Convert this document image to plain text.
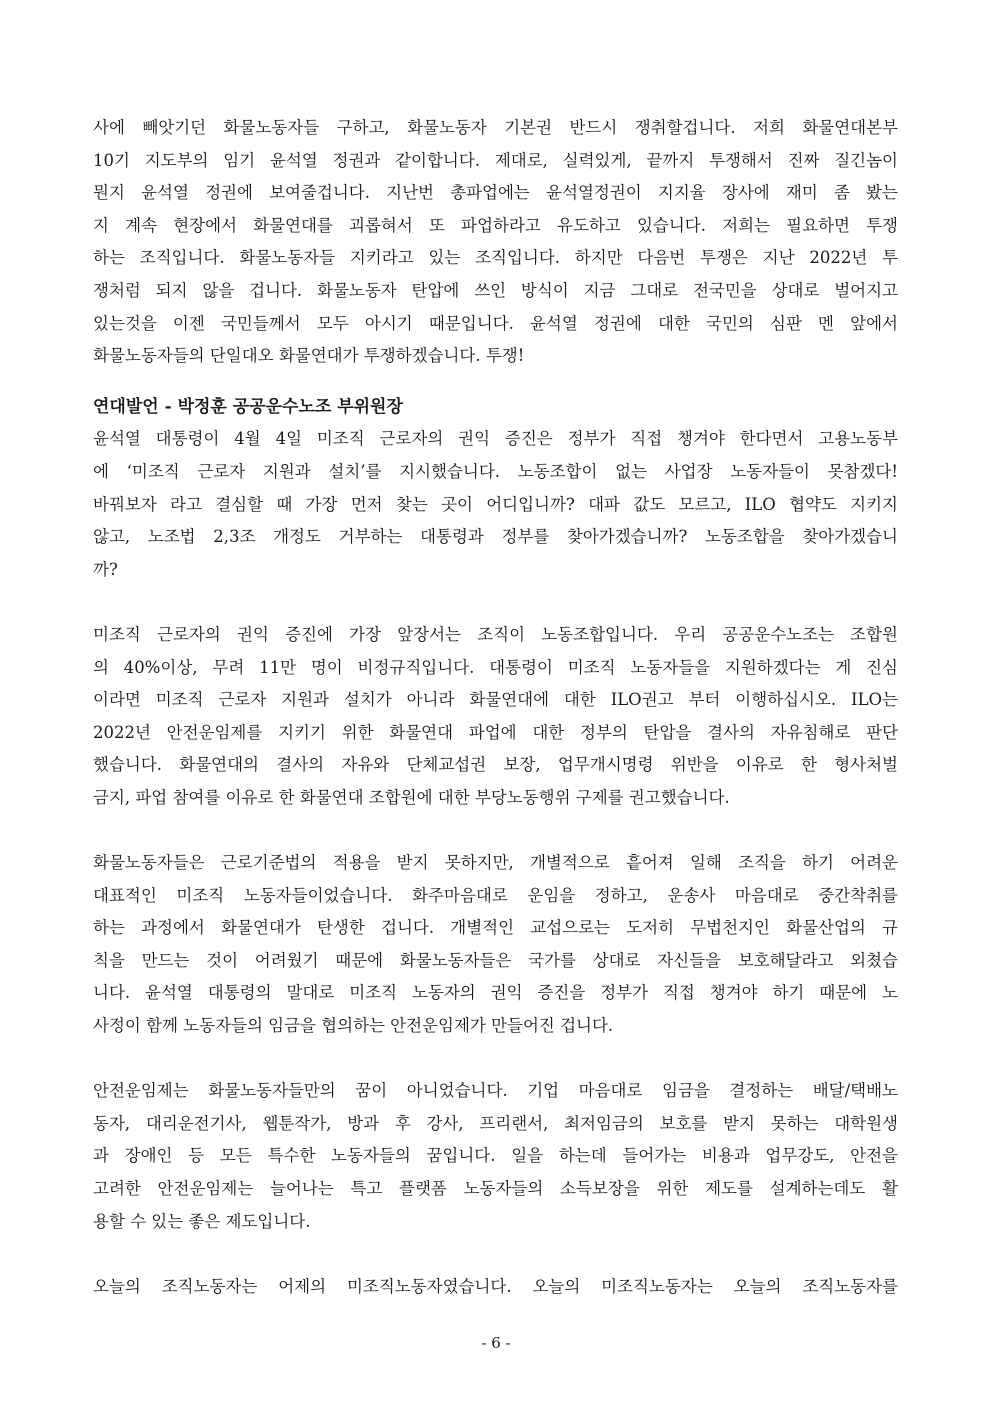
사에 빼앗기던 화물노동자들 구하고, 화물노동자 기본권 반드시 쟁취할겁니다. 저희 화물연대본부
10기 지도부의 임기 윤석열 정권과 같이합니다. 제대로, 실력있게, 끝까지 투쟁해서 진짜 질긴놈이
뭔지 윤석열 정권에 보여줄겁니다. 지난번 총파업에는 윤석열정권이 지지율 장사에 재미 좀 봤는
지 계속 현장에서 화물연대를 괴롭혀서 또 파업하라고 유도하고 있습니다. 저희는 필요하면 투쟁
하는 조직입니다. 화물노동자들 지키라고 있는 조직입니다. 하지만 다음번 투쟁은 지난 2022년 투
쟁처럼 되지 않을 겁니다. 화물노동자 탄압에 쓰인 방식이 지금 그대로 전국민을 상대로 벌어지고
있는것을 이젠 국민들께서 모두 아시기 때문입니다. 윤석열 정권에 대한 국민의 심판 멘 앞에서
화물노동자들의 단일대오 화물연대가 투쟁하겠습니다. 투쟁!
연대발언 - 박정훈 공공운수노조 부위원장
윤석열 대통령이 4월 4일 미조직 근로자의 권익 증진은 정부가 직접 챙겨야 한다면서 고용노동부
에 ‘미조직 근로자 지원과 설치’를 지시했습니다. 노동조합이 없는 사업장 노동자들이 못참겠다!
바꿔보자 라고 결심할 때 가장 먼저 찾는 곳이 어디입니까? 대파 값도 모르고, ILO 협약도 지키지
않고, 노조법 2,3조 개정도 거부하는 대통령과 정부를 찾아가겠습니까? 노동조합을 찾아가겠습니
까?
미조직 근로자의 권익 증진에 가장 앞장서는 조직이 노동조합입니다. 우리 공공운수노조는 조합원
의 40%이상, 무려 11만 명이 비정규직입니다. 대통령이 미조직 노동자들을 지원하겠다는 게 진심
이라면 미조직 근로자 지원과 설치가 아니라 화물연대에 대한 ILO권고 부터 이행하십시오. ILO는
2022년 안전운임제를 지키기 위한 화물연대 파업에 대한 정부의 탄압을 결사의 자유침해로 판단
했습니다. 화물연대의 결사의 자유와 단체교섭권 보장, 업무개시명령 위반을 이유로 한 형사처벌
금지, 파업 참여를 이유로 한 화물연대 조합원에 대한 부당노동행위 구제를 권고했습니다.
화물노동자들은 근로기준법의 적용을 받지 못하지만, 개별적으로 흩어져 일해 조직을 하기 어려운
대표적인 미조직 노동자들이었습니다. 화주마음대로 운임을 정하고, 운송사 마음대로 중간착취를
하는 과정에서 화물연대가 탄생한 겁니다. 개별적인 교섭으로는 도저히 무법천지인 화물산업의 규
칙을 만드는 것이 어려웠기 때문에 화물노동자들은 국가를 상대로 자신들을 보호해달라고 외쳤습
니다. 윤석열 대통령의 말대로 미조직 노동자의 권익 증진을 정부가 직접 챙겨야 하기 때문에 노
사정이 함께 노동자들의 임금을 협의하는 안전운임제가 만들어진 겁니다.
안전운임제는 화물노동자들만의 꿈이 아니었습니다. 기업 마음대로 임금을 결정하는 배달/택배노
동자, 대리운전기사, 웹툰작가, 방과 후 강사, 프리랜서, 최저임금의 보호를 받지 못하는 대학원생
과 장애인 등 모든 특수한 노동자들의 꿈입니다. 일을 하는데 들어가는 비용과 업무강도, 안전을
고려한 안전운임제는 늘어나는 특고 플랫폼 노동자들의 소득보장을 위한 제도를 설계하는데도 활
용할 수 있는 좋은 제도입니다.
오늘의 조직노동자는 어제의 미조직노동자였습니다. 오늘의 미조직노동자는 오늘의 조직노동자를
- 6 -
